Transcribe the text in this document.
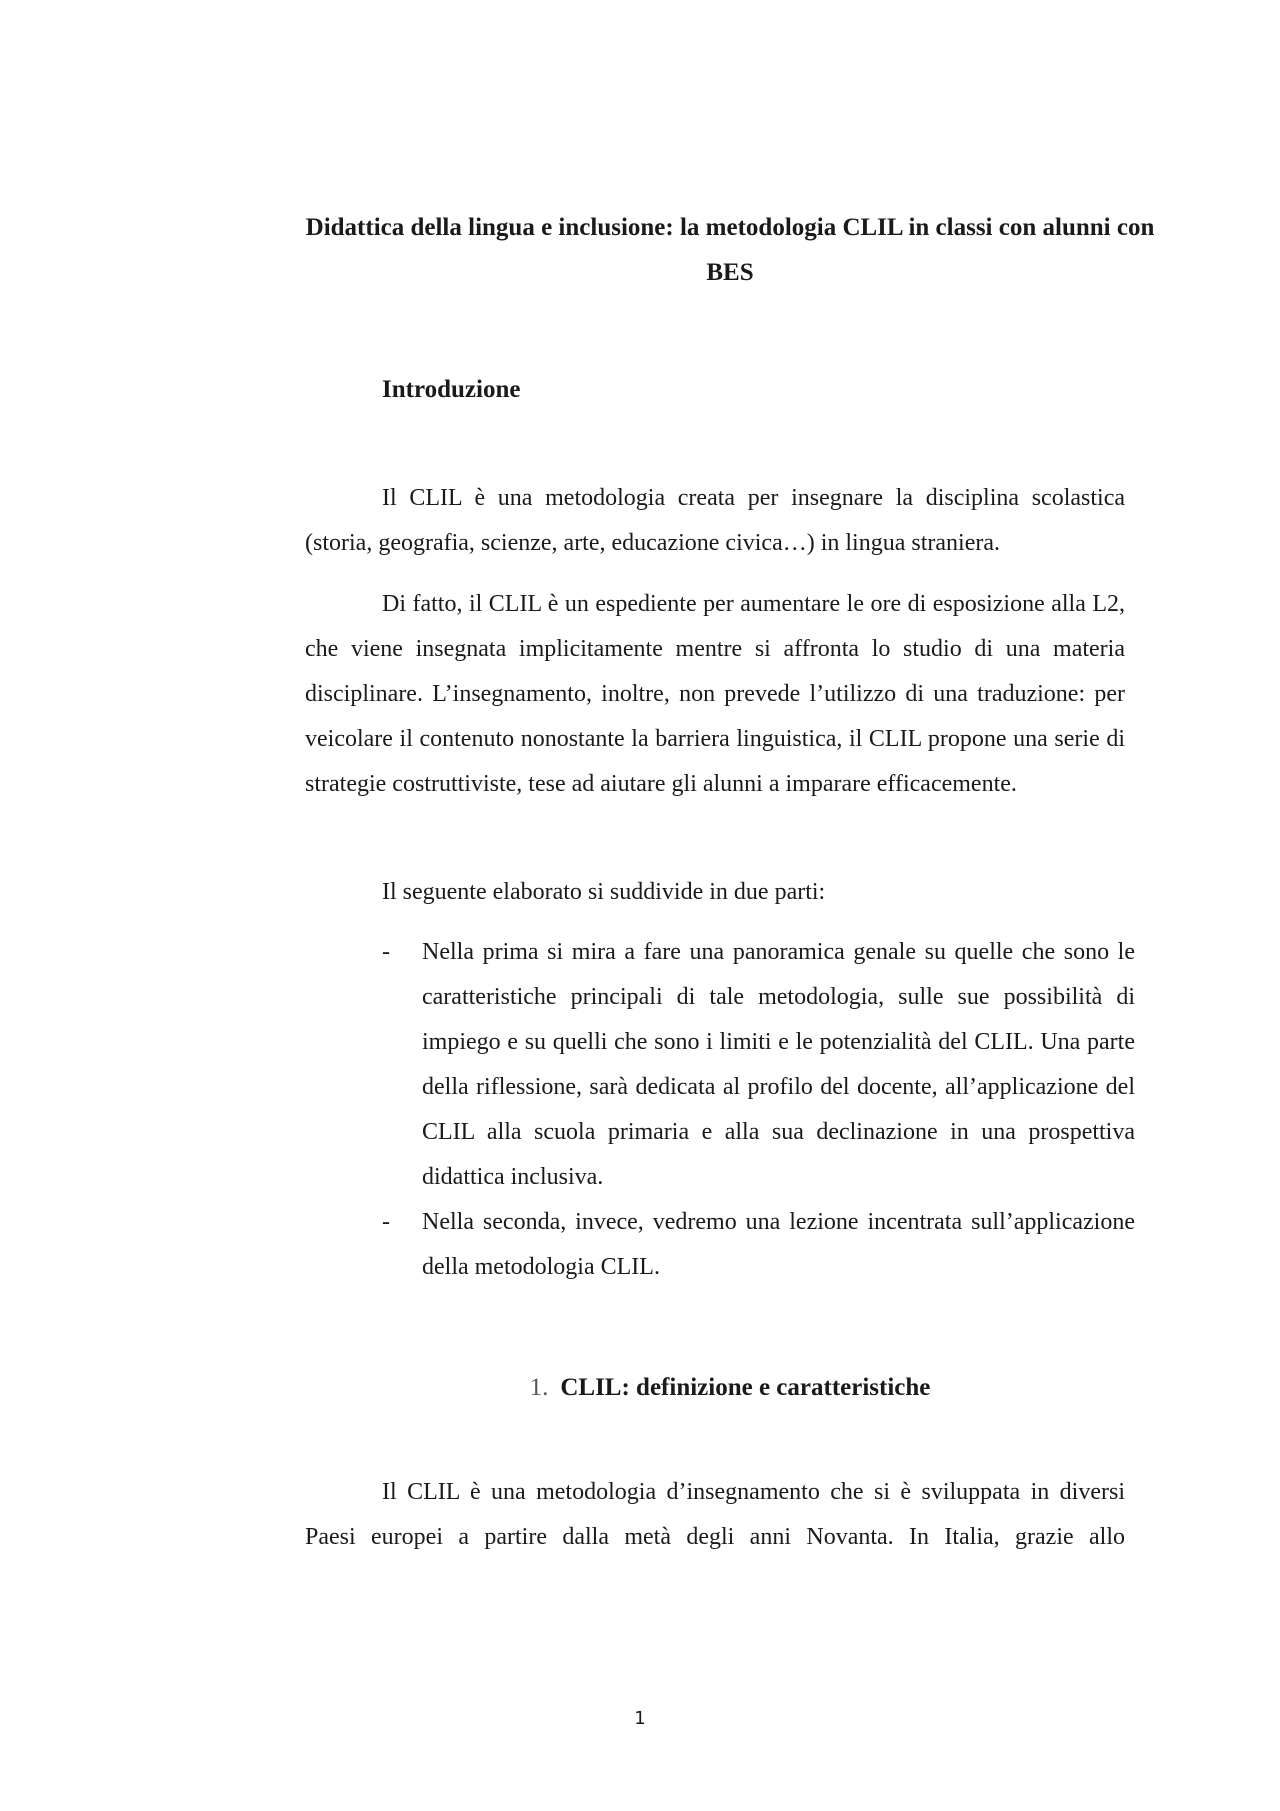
Didattica della lingua e inclusione: la metodologia CLIL in classi con alunni con BES
Introduzione

Il CLIL è una metodologia creata per insegnare la disciplina scolastica (storia, geografia, scienze, arte, educazione civica…) in lingua straniera.

Di fatto, il CLIL è un espediente per aumentare le ore di esposizione alla L2, che viene insegnata implicitamente mentre si affronta lo studio di una materia disciplinare. L’insegnamento, inoltre, non prevede l’utilizzo di una traduzione: per veicolare il contenuto nonostante la barriera linguistica, il CLIL propone una serie di strategie costruttiviste, tese ad aiutare gli alunni a imparare efficacemente.

Il seguente elaborato si suddivide in due parti:

- Nella prima si mira a fare una panoramica genale su quelle che sono le caratteristiche principali di tale metodologia, sulle sue possibilità di impiego e su quelli che sono i limiti e le potenzialità del CLIL. Una parte della riflessione, sarà dedicata al profilo del docente, all’applicazione del CLIL alla scuola primaria e alla sua declinazione in una prospettiva didattica inclusiva.
- Nella seconda, invece, vedremo una lezione incentrata sull’applicazione della metodologia CLIL.
1. CLIL: definizione e caratteristiche

Il CLIL è una metodologia d’insegnamento che si è sviluppata in diversi Paesi europei a partire dalla metà degli anni Novanta. In Italia, grazie allo

1
